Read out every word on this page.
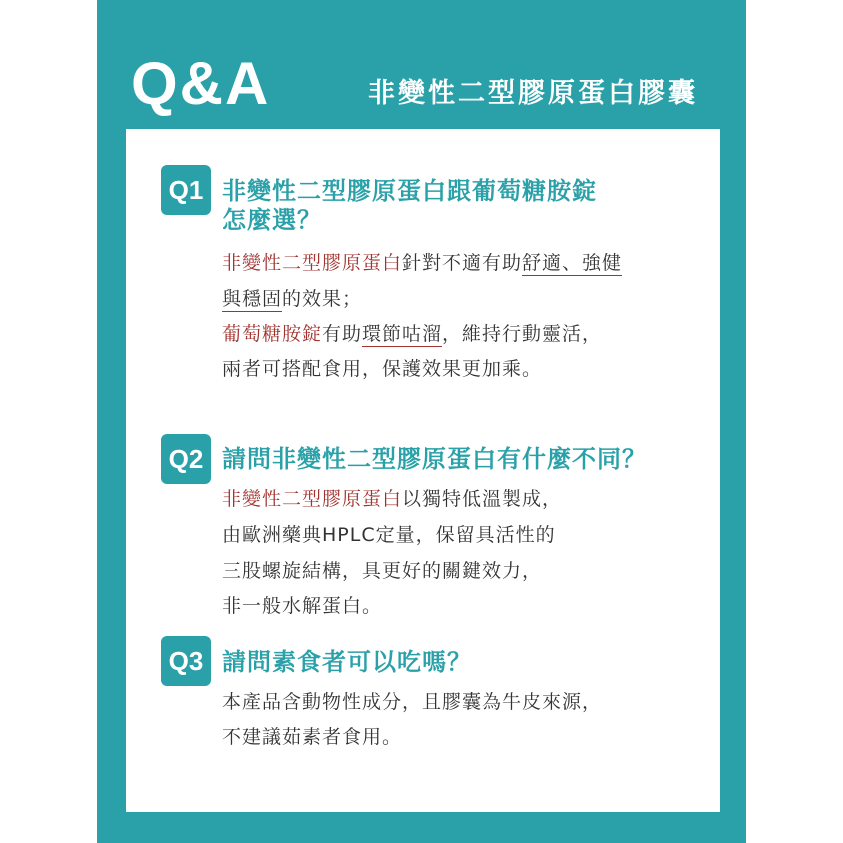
Q&A	非變性二型膠原蛋白膠囊
Q1 非變性二型膠原蛋白跟葡萄糖胺錠
怎麼選？
非變性二型膠原蛋白針對不適有助舒適、強健
與穩固的效果；
葡萄糖胺錠有助環節咕溜，維持行動靈活，
兩者可搭配食用，保護效果更加乘。
Q2 請問非變性二型膠原蛋白有什麼不同？
非變性二型膠原蛋白以獨特低溫製成，
由歐洲藥典HPLC定量，保留具活性的
三股螺旋結構，具更好的關鍵效力，
非一般水解蛋白。
Q3 請問素食者可以吃嗎？
本產品含動物性成分，且膠囊為牛皮來源，
不建議茹素者食用。
